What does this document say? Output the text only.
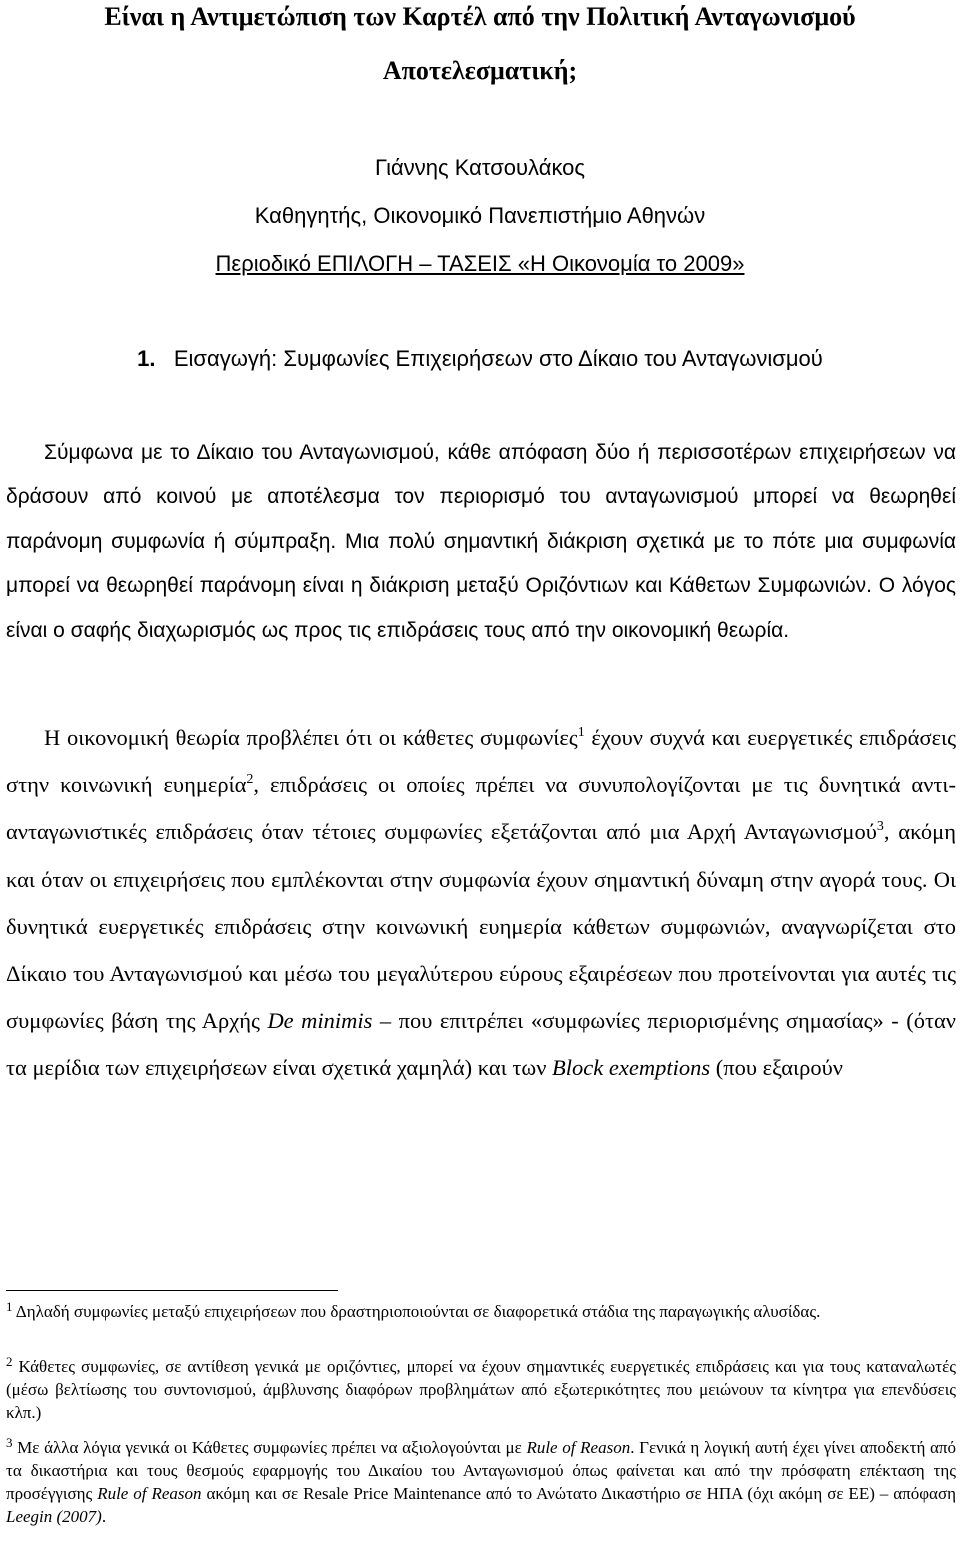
Είναι η Αντιμετώπιση των Καρτέλ από την Πολιτική Ανταγωνισμού
Αποτελεσματική;
Γιάννης Κατσουλάκος
Καθηγητής, Οικονομικό Πανεπιστήμιο Αθηνών
Περιοδικό ΕΠΙΛΟΓΗ – ΤΑΣΕΙΣ «Η Οικονομία το 2009»
1. Εισαγωγή: Συμφωνίες Επιχειρήσεων στο Δίκαιο του Ανταγωνισμού

Σύμφωνα με το Δίκαιο του Ανταγωνισμού, κάθε απόφαση δύο ή περισσοτέρων επιχειρήσεων να δράσουν από κοινού με αποτέλεσμα τον περιορισμό του ανταγωνισμού μπορεί να θεωρηθεί παράνομη συμφωνία ή σύμπραξη. Μια πολύ σημαντική διάκριση σχετικά με το πότε μια συμφωνία μπορεί να θεωρηθεί παράνομη είναι η διάκριση μεταξύ Οριζόντιων και Κάθετων Συμφωνιών. Ο λόγος είναι ο σαφής διαχωρισμός ως προς τις επιδράσεις τους από την οικονομική θεωρία.

Η οικονομική θεωρία προβλέπει ότι οι κάθετες συμφωνίες$^1$ έχουν συχνά και ευεργετικές επιδράσεις στην κοινωνική ευημερία$^2$, επιδράσεις οι οποίες πρέπει να συνυπολογίζονται με τις δυνητικά αντι-ανταγωνιστικές επιδράσεις όταν τέτοιες συμφωνίες εξετάζονται από μια Αρχή Ανταγωνισμού$^3$, ακόμη και όταν οι επιχειρήσεις που εμπλέκονται στην συμφωνία έχουν σημαντική δύναμη στην αγορά τους. Οι δυνητικά ευεργετικές επιδράσεις στην κοινωνική ευημερία κάθετων συμφωνιών, αναγνωρίζεται στο Δίκαιο του Ανταγωνισμού και μέσω του μεγαλύτερου εύρους εξαιρέσεων που προτείνονται για αυτές τις συμφωνίες βάση της Αρχής De minimis – που επιτρέπει «συμφωνίες περιορισμένης σημασίας» - (όταν τα μερίδια των επιχειρήσεων είναι σχετικά χαμηλά) και των Block exemptions (που εξαιρούν

$^1$ Δηλαδή συμφωνίες μεταξύ επιχειρήσεων που δραστηριοποιούνται σε διαφορετικά στάδια της παραγωγικής αλυσίδας.

$^2$ Κάθετες συμφωνίες, σε αντίθεση γενικά με οριζόντιες, μπορεί να έχουν σημαντικές ευεργετικές επιδράσεις και για τους καταναλωτές (μέσω βελτίωσης του συντονισμού, άμβλυνσης διαφόρων προβλημάτων από εξωτερικότητες που μειώνουν τα κίνητρα για επενδύσεις κλπ.)

$^3$ Με άλλα λόγια γενικά οι Κάθετες συμφωνίες πρέπει να αξιολογούνται με Rule of Reason. Γενικά η λογική αυτή έχει γίνει αποδεκτή από τα δικαστήρια και τους θεσμούς εφαρμογής του Δικαίου του Ανταγωνισμού όπως φαίνεται και από την πρόσφατη επέκταση της προσέγγισης Rule of Reason ακόμη και σε Resale Price Maintenance από το Ανώτατο Δικαστήριο σε ΗΠΑ (όχι ακόμη σε ΕΕ) – απόφαση Leegin (2007).
